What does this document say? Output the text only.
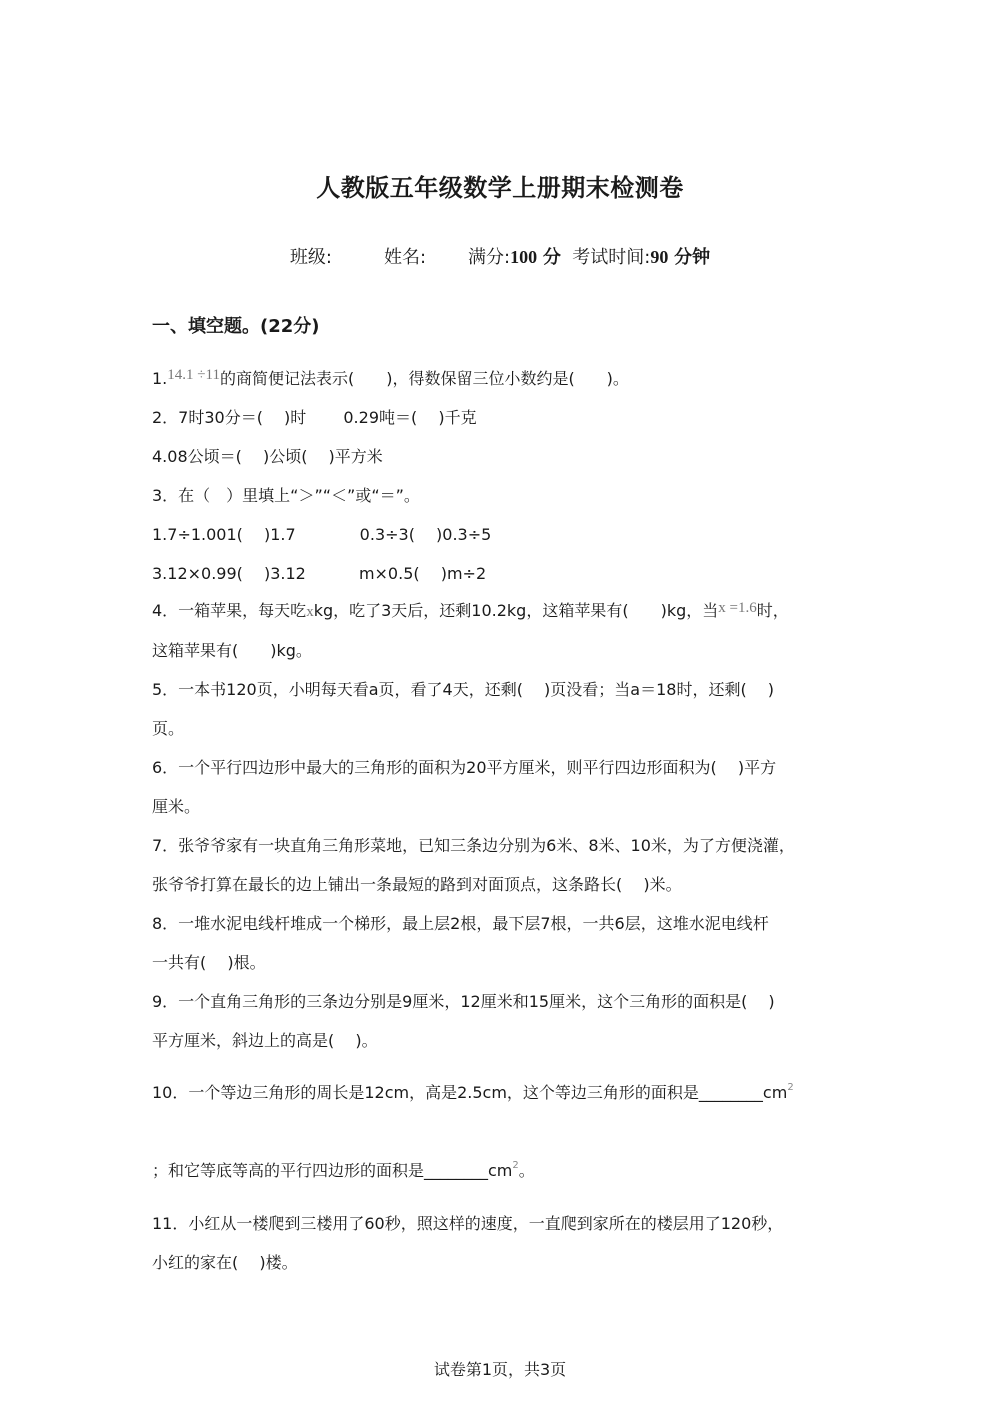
人教版五年级数学上册期末检测卷
班级:	姓名: 满分:100 分 考试时间:90 分钟
一、填空题。(22分)
1.14.1 ÷11的商简便记法表示(　　)，得数保留三位小数约是(　　)。
2．7时30分＝(　 )时　　 0.29吨＝(　 )千克
4.08公顷＝(　 )公顷(　 )平方米
3．在（　）里填上“＞”“＜”或“＝”。
1.7÷1.001(　 )1.7　　　　0.3÷3(　 )0.3÷5
3.12×0.99(　 )3.12　　　 m×0.5(　 )m÷2
4．一箱苹果，每天吃xkg，吃了3天后，还剩10.2kg，这箱苹果有(　　)kg，当x =1.6时，
这箱苹果有(　　)kg。
5．一本书120页，小明每天看a页，看了4天，还剩(　 )页没看；当a＝18时，还剩(　 )
页。
6．一个平行四边形中最大的三角形的面积为20平方厘米，则平行四边形面积为(　 )平方
厘米。
7．张爷爷家有一块直角三角形菜地，已知三条边分别为6米、8米、10米，为了方便浇灌，
张爷爷打算在最长的边上铺出一条最短的路到对面顶点，这条路长(　 )米。
8．一堆水泥电线杆堆成一个梯形，最上层2根，最下层7根，一共6层，这堆水泥电线杆
一共有(　 )根。
9．一个直角三角形的三条边分别是9厘米，12厘米和15厘米，这个三角形的面积是(　 )
平方厘米，斜边上的高是(　 )。
10．一个等边三角形的周长是12cm，高是2.5cm，这个等边三角形的面积是$\_\_\_\_\_\_\_\_cm^2$
；和它等底等高的平行四边形的面积是$\_\_\_\_\_\_\_\_cm^2$。
11．小红从一楼爬到三楼用了60秒，照这样的速度，一直爬到家所在的楼层用了120秒，
小红的家在(　 )楼。
试卷第1页，共3页
